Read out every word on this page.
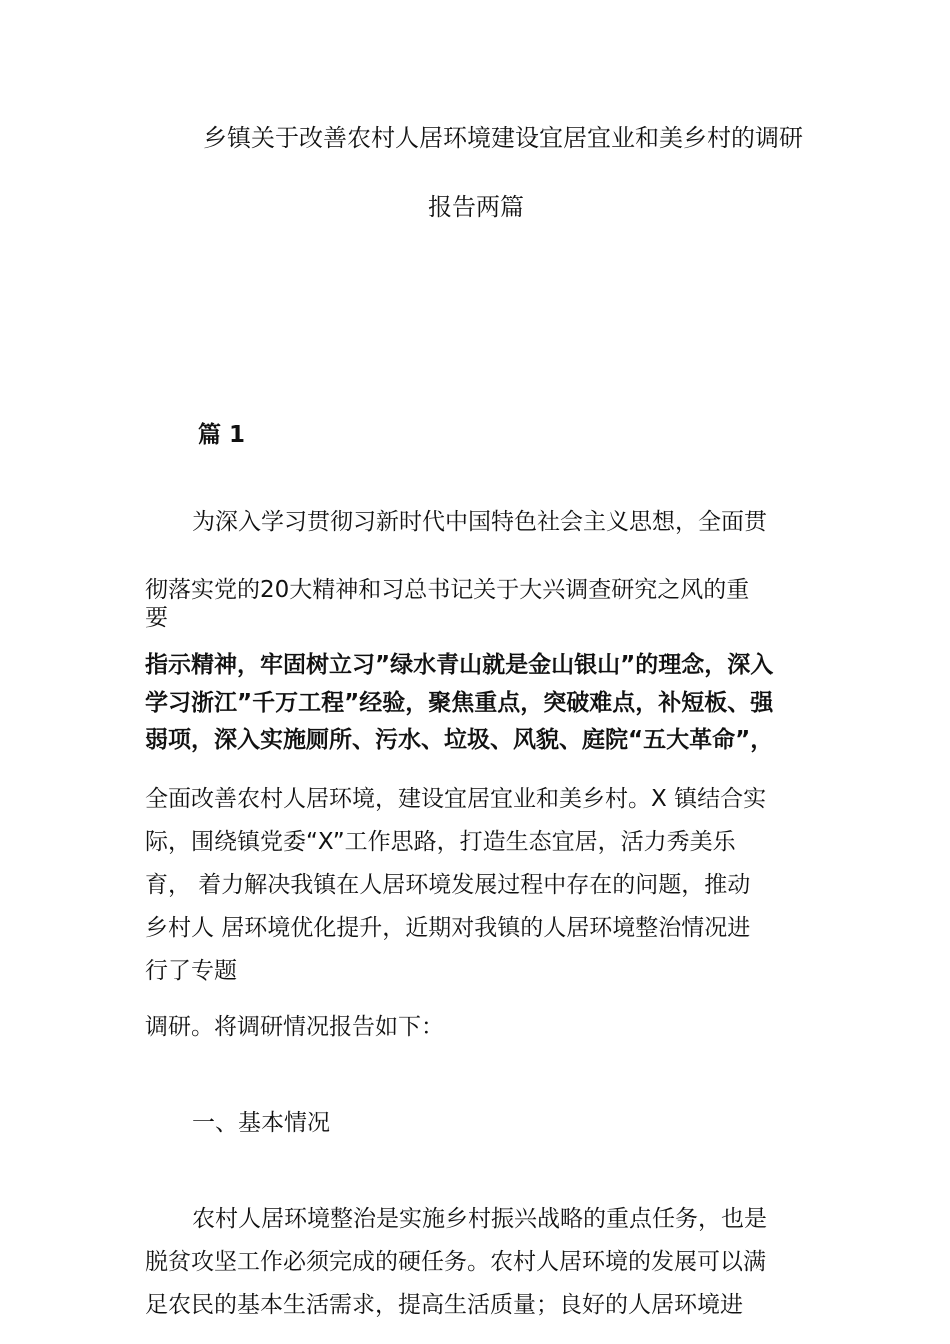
乡镇关于改善农村人居环境建设宜居宜业和美乡村的调研
报告两篇
篇 1
为深入学习贯彻习新时代中国特色社会主义思想，全面贯
彻落实党的20大精神和习总书记关于大兴调查研究之风的重
要
指示精神，牢固树立习”绿水青山就是金山银山”的理念，深入
学习浙江”千万工程”经验，聚焦重点，突破难点，补短板、强
弱项，深入实施厕所、污水、垃圾、风貌、庭院“五大革命”，
全面改善农村人居环境，建设宜居宜业和美乡村。X 镇结合实
际，围绕镇党委“X”工作思路，打造生态宜居，活力秀美乐
育， 着力解决我镇在人居环境发展过程中存在的问题，推动
乡村人 居环境优化提升，近期对我镇的人居环境整治情况进
行了专题
调研。将调研情况报告如下：
一、基本情况
农村人居环境整治是实施乡村振兴战略的重点任务，也是
脱贫攻坚工作必须完成的硬任务。农村人居环境的发展可以满
足农民的基本生活需求，提高生活质量；良好的人居环境进
